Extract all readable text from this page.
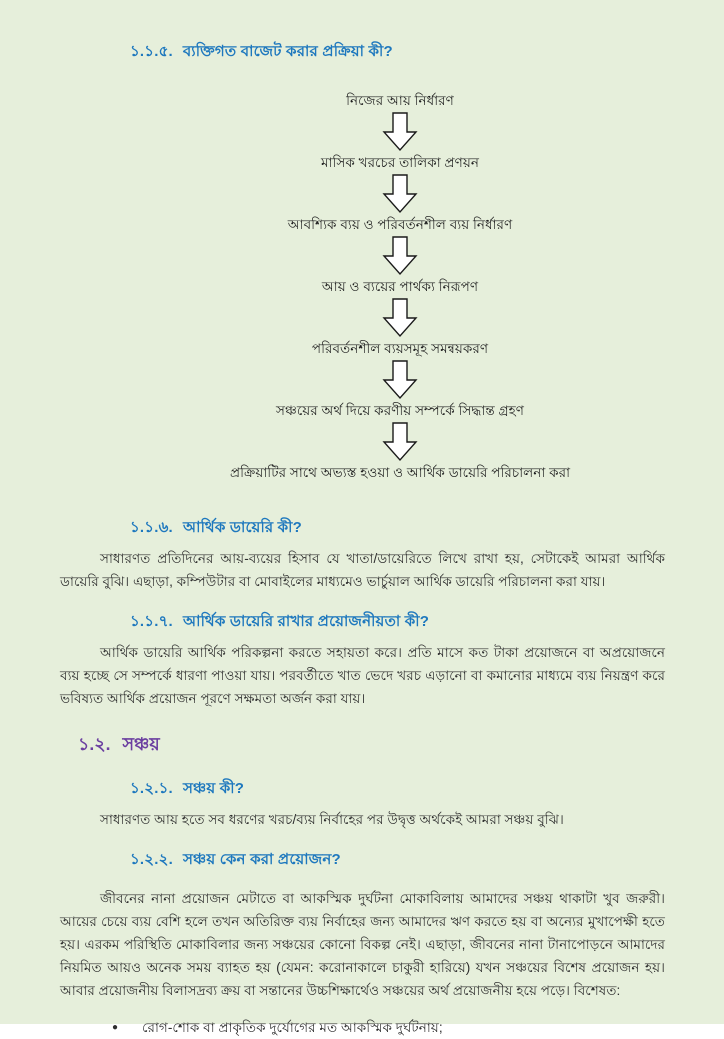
১.১.৫. ব্যক্তিগত বাজেট করার প্রক্রিয়া কী?
নিজের আয় নির্ধারণ
মাসিক খরচের তালিকা প্রণয়ন
আবশ্যিক ব্যয় ও পরিবর্তনশীল ব্যয় নির্ধারণ
আয় ও ব্যয়ের পার্থক্য নিরূপণ
পরিবর্তনশীল ব্যয়সমূহ সমন্বয়করণ
সঞ্চয়ের অর্থ দিয়ে করণীয় সম্পর্কে সিদ্ধান্ত গ্রহণ
প্রক্রিয়াটির সাথে অভ্যস্ত হওয়া ও আর্থিক ডায়েরি পরিচালনা করা
১.১.৬. আর্থিক ডায়েরি কী?

সাধারণত প্রতিদিনের আয়-ব্যয়ের হিসাব যে খাতা/ডায়েরিতে লিখে রাখা হয়, সেটাকেই আমরা আর্থিক ডায়েরি বুঝি। এছাড়া, কম্পিউটার বা মোবাইলের মাধ্যমেও ভার্চুয়াল আর্থিক ডায়েরি পরিচালনা করা যায়।

১.১.৭. আর্থিক ডায়েরি রাখার প্রয়োজনীয়তা কী?

আর্থিক ডায়েরি আর্থিক পরিকল্পনা করতে সহায়তা করে। প্রতি মাসে কত টাকা প্রয়োজনে বা অপ্রয়োজনে ব্যয় হচ্ছে সে সম্পর্কে ধারণা পাওয়া যায়। পরবর্তীতে খাত ভেদে খরচ এড়ানো বা কমানোর মাধ্যমে ব্যয় নিয়ন্ত্রণ করে ভবিষ্যত আর্থিক প্রয়োজন পূরণে সক্ষমতা অর্জন করা যায়।

১.২. সঞ্চয়
১.২.১. সঞ্চয় কী?

সাধারণত আয় হতে সব ধরণের খরচ/ব্যয় নির্বাহের পর উদ্বৃত্ত অর্থকেই আমরা সঞ্চয় বুঝি।

১.২.২. সঞ্চয় কেন করা প্রয়োজন?

জীবনের নানা প্রয়োজন মেটাতে বা আকস্মিক দুর্ঘটনা মোকাবিলায় আমাদের সঞ্চয় থাকাটা খুব জরুরী। আয়ের চেয়ে ব্যয় বেশি হলে তখন অতিরিক্ত ব্যয় নির্বাহের জন্য আমাদের ঋণ করতে হয় বা অন্যের মুখাপেক্ষী হতে হয়। এরকম পরিস্থিতি মোকাবিলার জন্য সঞ্চয়ের কোনো বিকল্প নেই। এছাড়া, জীবনের নানা টানাপোড়নে আমাদের নিয়মিত আয়ও অনেক সময় ব্যাহত হয় (যেমন: করোনাকালে চাকুরী হারিয়ে) যখন সঞ্চয়ের বিশেষ প্রয়োজন হয়। আবার প্রয়োজনীয় বিলাসদ্রব্য ক্রয় বা সন্তানের উচ্চশিক্ষার্থেও সঞ্চয়ের অর্থ প্রয়োজনীয় হয়ে পড়ে। বিশেষত:

●	রোগ-শোক বা প্রাকৃতিক দুর্যোগের মত আকস্মিক দুর্ঘটনায়;
